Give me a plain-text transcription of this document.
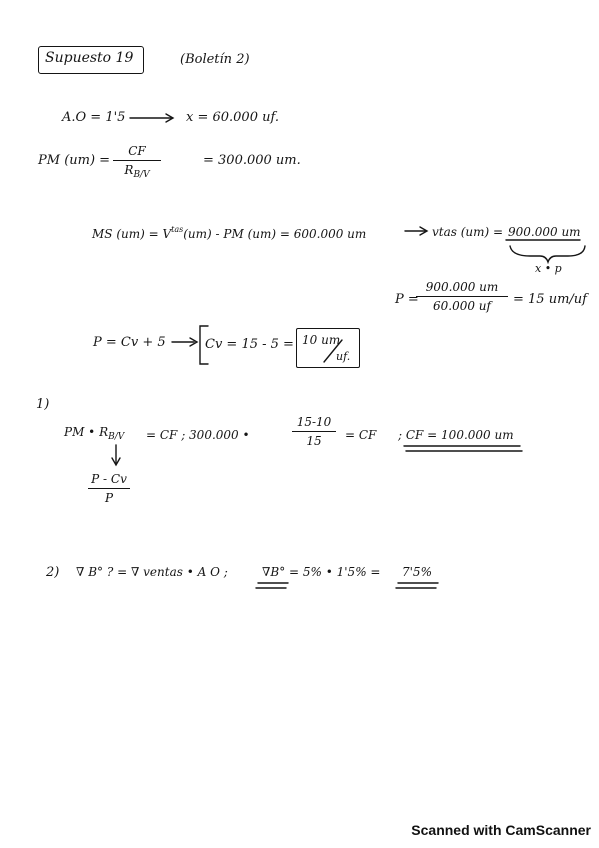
Supuesto 19	(Boletín 2)
A.O = 1'5	x = 60.000 uf.
PM (um) =
CF
$R_{B/V}$
= 300.000 um.
MS $(um) = V^{tas}(um)$ - PM (um) = 600.000 um	vtas (um) = 900.000 um
x • p
P =
900.000 um
60.000 uf	= 15 um/uf
P = Cv + 5	Cv = 15 - 5 = 10 um
uf.
1)
PM • $R_{B/V}$ = CF ; 300.000 •
15-10
15	= CF ; CF = 100.000 um
P - Cv
P
2) ∇ B° ? = ∇ ventas • A O ;	∇B° = 5% • 1'5% = 7'5%
Scanned with CamScanner
